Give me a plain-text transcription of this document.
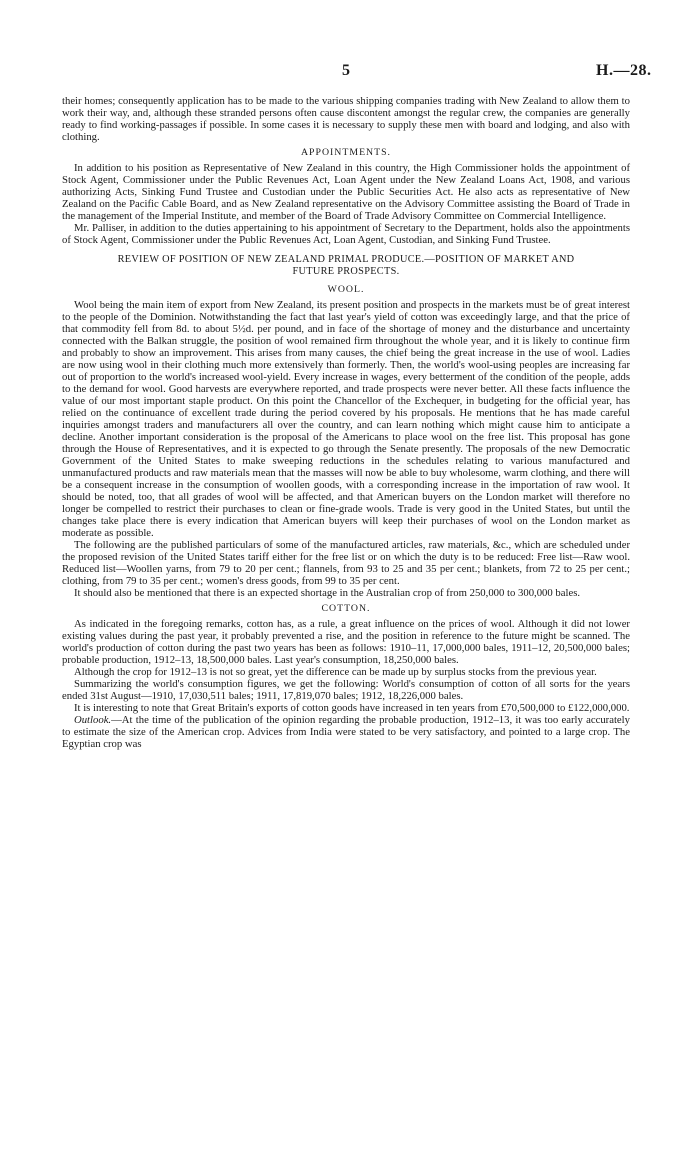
5	H.—28.

their homes; consequently application has to be made to the various shipping companies trading with New Zealand to allow them to work their way, and, although these stranded persons often cause discontent amongst the regular crew, the companies are generally ready to find working-passages if possible. In some cases it is necessary to supply these men with board and lodging, and also with clothing.

APPOINTMENTS.

In addition to his position as Representative of New Zealand in this country, the High Commissioner holds the appointment of Stock Agent, Commissioner under the Public Revenues Act, Loan Agent under the New Zealand Loans Act, 1908, and various authorizing Acts, Sinking Fund Trustee and Custodian under the Public Securities Act. He also acts as representative of New Zealand on the Pacific Cable Board, and as New Zealand representative on the Advisory Committee assisting the Board of Trade in the management of the Imperial Institute, and member of the Board of Trade Advisory Committee on Commercial Intelligence.

Mr. Palliser, in addition to the duties appertaining to his appointment of Secretary to the Department, holds also the appointments of Stock Agent, Commissioner under the Public Revenues Act, Loan Agent, Custodian, and Sinking Fund Trustee.

REVIEW OF POSITION OF NEW ZEALAND PRIMAL PRODUCE.—POSITION OF MARKET AND
FUTURE PROSPECTS.
WOOL.

Wool being the main item of export from New Zealand, its present position and prospects in the markets must be of great interest to the people of the Dominion. Notwithstanding the fact that last year's yield of cotton was exceedingly large, and that the price of that commodity fell from 8d. to about 5½d. per pound, and in face of the shortage of money and the disturbance and uncertainty connected with the Balkan struggle, the position of wool remained firm throughout the whole year, and it is likely to continue firm and probably to show an improvement. This arises from many causes, the chief being the great increase in the use of wool. Ladies are now using wool in their clothing much more extensively than formerly. Then, the world's wool-using peoples are increasing far out of proportion to the world's increased wool-yield. Every increase in wages, every betterment of the condition of the people, adds to the demand for wool. Good harvests are everywhere reported, and trade prospects were never better. All these facts influence the value of our most important staple product. On this point the Chancellor of the Exchequer, in budgeting for the official year, has relied on the continuance of excellent trade during the period covered by his proposals. He mentions that he has made careful inquiries amongst traders and manufacturers all over the country, and can learn nothing which might cause him to anticipate a decline. Another important consideration is the proposal of the Americans to place wool on the free list. This proposal has gone through the House of Representatives, and it is expected to go through the Senate presently. The proposals of the new Democratic Government of the United States to make sweeping reductions in the schedules relating to various manufactured and unmanufactured products and raw materials mean that the masses will now be able to buy wholesome, warm clothing, and there will be a consequent increase in the consumption of woollen goods, with a corresponding increase in the importation of raw wool. It should be noted, too, that all grades of wool will be affected, and that American buyers on the London market will therefore no longer be compelled to restrict their purchases to clean or fine-grade wools. Trade is very good in the United States, but until the changes take place there is every indication that American buyers will keep their purchases of wool on the London market as moderate as possible.

The following are the published particulars of some of the manufactured articles, raw materials, &c., which are scheduled under the proposed revision of the United States tariff either for the free list or on which the duty is to be reduced: Free list—Raw wool. Reduced list—Woollen yarns, from 79 to 20 per cent.; flannels, from 93 to 25 and 35 per cent.; blankets, from 72 to 25 per cent.; clothing, from 79 to 35 per cent.; women's dress goods, from 99 to 35 per cent.

It should also be mentioned that there is an expected shortage in the Australian crop of from 250,000 to 300,000 bales.

COTTON.

As indicated in the foregoing remarks, cotton has, as a rule, a great influence on the prices of wool. Although it did not lower existing values during the past year, it probably prevented a rise, and the position in reference to the future might be scanned. The world's production of cotton during the past two years has been as follows: 1910–11, 17,000,000 bales, 1911–12, 20,500,000 bales; probable production, 1912–13, 18,500,000 bales. Last year's consumption, 18,250,000 bales.

Although the crop for 1912–13 is not so great, yet the difference can be made up by surplus stocks from the previous year.

Summarizing the world's consumption figures, we get the following: World's consumption of cotton of all sorts for the years ended 31st August—1910, 17,030,511 bales; 1911, 17,819,070 bales; 1912, 18,226,000 bales.

It is interesting to note that Great Britain's exports of cotton goods have increased in ten years from £70,500,000 to £122,000,000.

Outlook.—At the time of the publication of the opinion regarding the probable production, 1912–13, it was too early accurately to estimate the size of the American crop. Advices from India were stated to be very satisfactory, and pointed to a large crop. The Egyptian crop was
